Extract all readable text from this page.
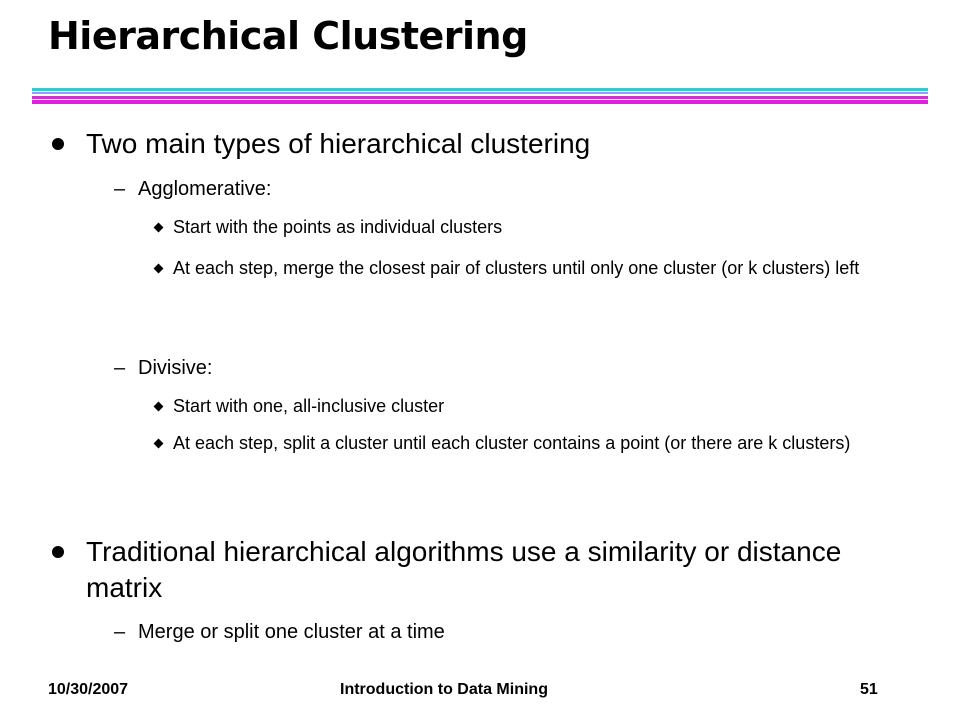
Hierarchical Clustering
Two main types of hierarchical clustering
– Agglomerative:
Start with the points as individual clusters
At each step, merge the closest pair of clusters until only one cluster (or k clusters) left
– Divisive:
Start with one, all-inclusive cluster
At each step, split a cluster until each cluster contains a point (or there are k clusters)
Traditional hierarchical algorithms use a similarity or distance matrix
– Merge or split one cluster at a time
10/30/2007	Introduction to Data Mining	51
